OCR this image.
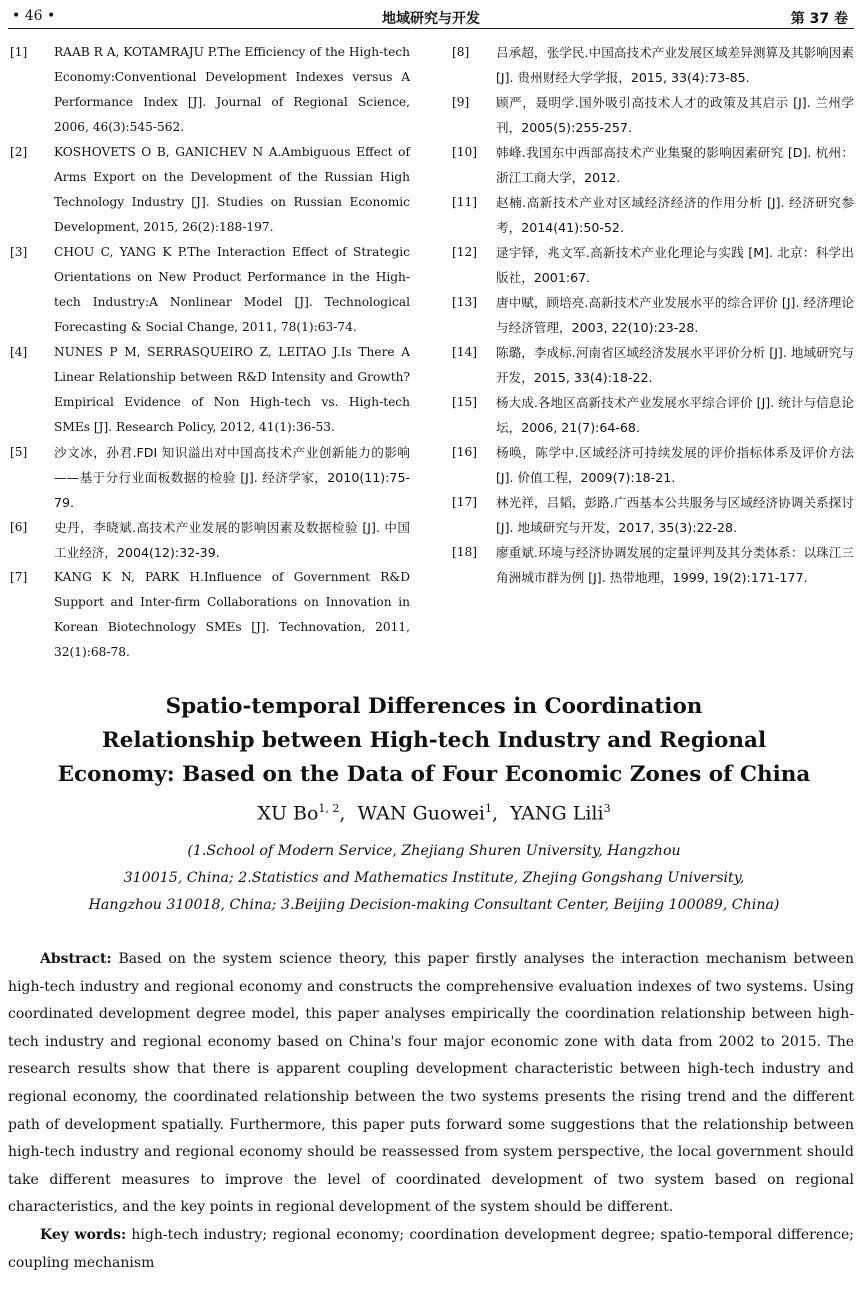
• 46 •	地域研究与开发	第 37 卷
[1] RAAB R A, KOTAMRAJU P.The Efficiency of the High-tech Economy:Conventional Development Indexes versus A Performance Index [J]. Journal of Regional Science, 2006, 46(3):545-562.
[2] KOSHOVETS O B, GANICHEV N A.Ambiguous Effect of Arms Export on the Development of the Russian High Technology Industry [J]. Studies on Russian Economic Development, 2015, 26(2):188-197.
[3] CHOU C, YANG K P.The Interaction Effect of Strategic Orientations on New Product Performance in the High-tech Industry:A Nonlinear Model [J]. Technological Forecasting & Social Change, 2011, 78(1):63-74.
[4] NUNES P M, SERRASQUEIRO Z, LEITAO J.Is There A Linear Relationship between R&D Intensity and Growth? Empirical Evidence of Non High-tech vs. High-tech SMEs [J]. Research Policy, 2012, 41(1):36-53.
[5] 沙文冰，孙君.FDI 知识溢出对中国高技术产业创新能力的影响——基于分行业面板数据的检验 [J]. 经济学家，2010(11):75-79.
[6] 史丹，李晓斌.高技术产业发展的影响因素及数据检验 [J]. 中国工业经济，2004(12):32-39.
[7] KANG K N, PARK H.Influence of Government R&D Support and Inter-firm Collaborations on Innovation in Korean Biotechnology SMEs [J]. Technovation, 2011, 32(1):68-78.
[8] 吕承超，张学民.中国高技术产业发展区域差异测算及其影响因素 [J]. 贵州财经大学学报，2015, 33(4):73-85.
[9] 顾严，聂明学.国外吸引高技术人才的政策及其启示 [J]. 兰州学刊，2005(5):255-257.
[10] 韩峰.我国东中西部高技术产业集聚的影响因素研究 [D]. 杭州：浙江工商大学，2012.
[11] 赵楠.高新技术产业对区域经济经济的作用分析 [J]. 经济研究参考，2014(41):50-52.
[12] 逯宇铎，兆文军.高新技术产业化理论与实践 [M]. 北京：科学出版社，2001:67.
[13] 唐中赋，顾培亮.高新技术产业发展水平的综合评价 [J]. 经济理论与经济管理，2003, 22(10):23-28.
[14] 陈璐，李成标.河南省区域经济发展水平评价分析 [J]. 地域研究与开发，2015, 33(4):18-22.
[15] 杨大成.各地区高新技术产业发展水平综合评价 [J]. 统计与信息论坛，2006, 21(7):64-68.
[16] 杨唤，陈学中.区域经济可持续发展的评价指标体系及评价方法 [J]. 价值工程，2009(7):18-21.
[17] 林光祥，吕韬，彭路.广西基本公共服务与区域经济协调关系探讨 [J]. 地域研究与开发，2017, 35(3):22-28.
[18] 廖重斌.环境与经济协调发展的定量评判及其分类体系：以珠江三角洲城市群为例 [J]. 热带地理，1999, 19(2):171-177.
Spatio-temporal Differences in Coordination
Relationship between High-tech Industry and Regional
Economy: Based on the Data of Four Economic Zones of China
XU Bo$^{1, 2}$,  WAN Guowei$^1$,  YANG Lili$^3$
(1.School of Modern Service, Zhejiang Shuren University, Hangzhou
310015, China; 2.Statistics and Mathematics Institute, Zhejing Gongshang University,
Hangzhou 310018, China; 3.Beijing Decision-making Consultant Center, Beijing 100089, China)

Abstract: Based on the system science theory, this paper firstly analyses the interaction mechanism between high-tech industry and regional economy and constructs the comprehensive evaluation indexes of two systems. Using coordinated development degree model, this paper analyses empirically the coordination relationship between high-tech industry and regional economy based on China's four major economic zone with data from 2002 to 2015. The research results show that there is apparent coupling development characteristic between high-tech industry and regional economy, the coordinated relationship between the two systems presents the rising trend and the different path of development spatially. Furthermore, this paper puts forward some suggestions that the relationship between high-tech industry and regional economy should be reassessed from system perspective, the local government should take different measures to improve the level of coordinated development of two system based on regional characteristics, and the key points in regional development of the system should be different.

Key words: high-tech industry; regional economy; coordination development degree; spatio-temporal difference; coupling mechanism
